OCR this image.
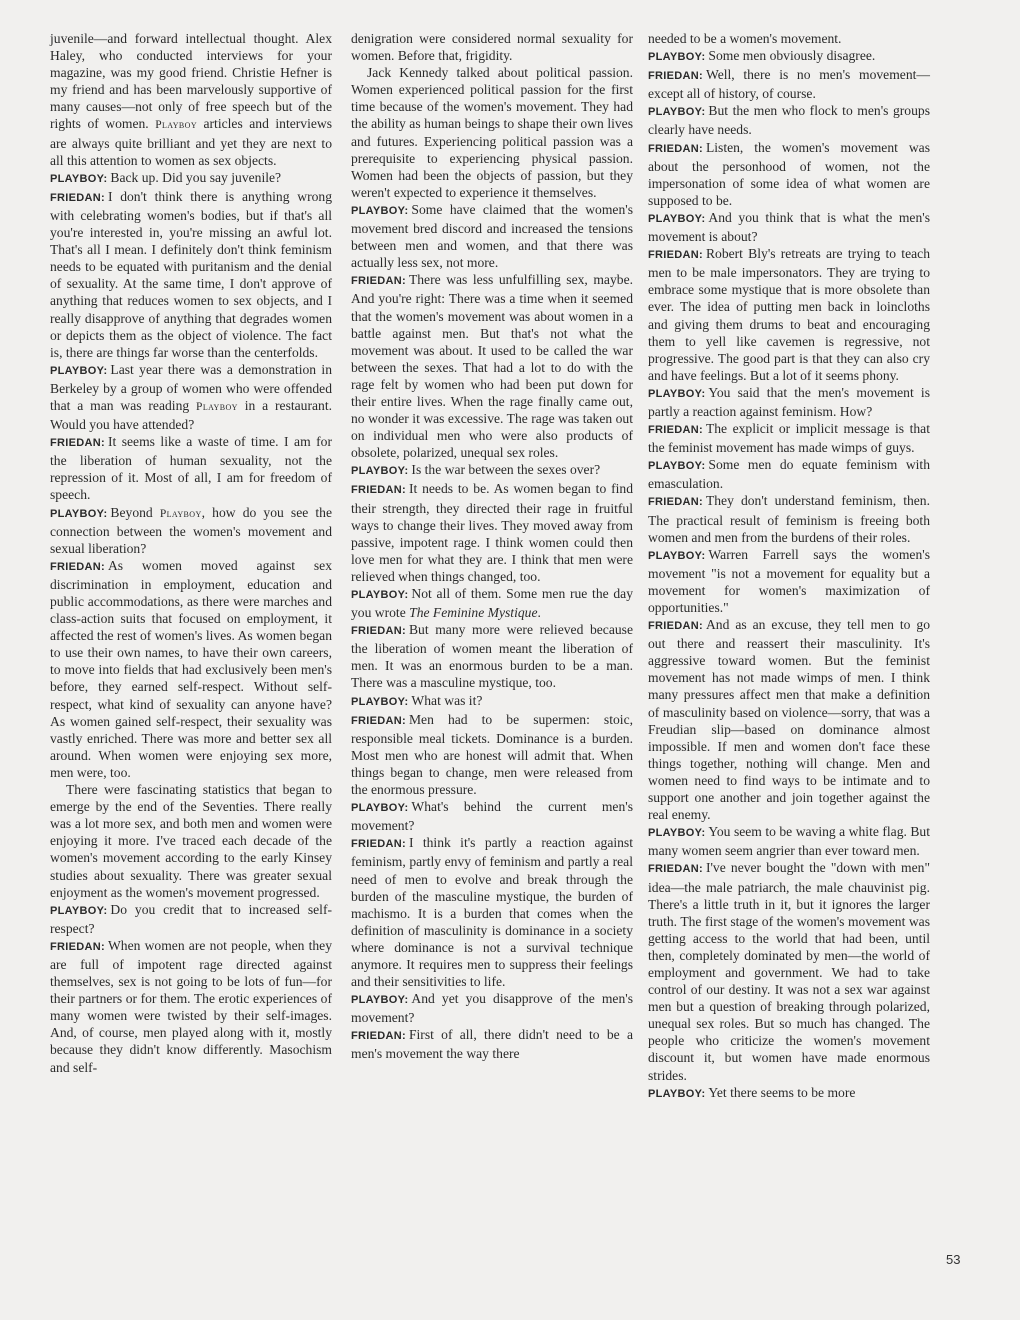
juvenile—and forward intellectual thought. Alex Haley, who conducted interviews for your magazine, was my good friend. Christie Hefner is my friend and has been marvelously supportive of many causes—not only of free speech but of the rights of women. Playboy articles and interviews are always quite brilliant and yet they are next to all this attention to women as sex objects.

PLAYBOY: Back up. Did you say juvenile?

FRIEDAN: I don't think there is anything wrong with celebrating women's bodies, but if that's all you're interested in, you're missing an awful lot. That's all I mean. I definitely don't think feminism needs to be equated with puritanism and the denial of sexuality. At the same time, I don't approve of anything that reduces women to sex objects, and I really disapprove of anything that degrades women or depicts them as the object of violence. The fact is, there are things far worse than the centerfolds.

PLAYBOY: Last year there was a demonstration in Berkeley by a group of women who were offended that a man was reading Playboy in a restaurant. Would you have attended?

FRIEDAN: It seems like a waste of time. I am for the liberation of human sexuality, not the repression of it. Most of all, I am for freedom of speech.

PLAYBOY: Beyond Playboy, how do you see the connection between the women's movement and sexual liberation?

FRIEDAN: As women moved against sex discrimination in employment, education and public accommodations, as there were marches and class-action suits that focused on employment, it affected the rest of women's lives. As women began to use their own names, to have their own careers, to move into fields that had exclusively been men's before, they earned self-respect. Without self-respect, what kind of sexuality can anyone have? As women gained self-respect, their sexuality was vastly enriched. There was more and better sex all around. When women were enjoying sex more, men were, too.

There were fascinating statistics that began to emerge by the end of the Seventies. There really was a lot more sex, and both men and women were enjoying it more. I've traced each decade of the women's movement according to the early Kinsey studies about sexuality. There was greater sexual enjoyment as the women's movement progressed.

PLAYBOY: Do you credit that to increased self-respect?

FRIEDAN: When women are not people, when they are full of impotent rage directed against themselves, sex is not going to be lots of fun—for their partners or for them. The erotic experiences of many women were twisted by their self-images. And, of course, men played along with it, mostly because they didn't know differently. Masochism and self-

denigration were considered normal sexuality for women. Before that, frigidity.

Jack Kennedy talked about political passion. Women experienced political passion for the first time because of the women's movement. They had the ability as human beings to shape their own lives and futures. Experiencing political passion was a prerequisite to experiencing physical passion. Women had been the objects of passion, but they weren't expected to experience it themselves.

PLAYBOY: Some have claimed that the women's movement bred discord and increased the tensions between men and women, and that there was actually less sex, not more.

FRIEDAN: There was less unfulfilling sex, maybe. And you're right: There was a time when it seemed that the women's movement was about women in a battle against men. But that's not what the movement was about. It used to be called the war between the sexes. That had a lot to do with the rage felt by women who had been put down for their entire lives. When the rage finally came out, no wonder it was excessive. The rage was taken out on individual men who were also products of obsolete, polarized, unequal sex roles.

PLAYBOY: Is the war between the sexes over?

FRIEDAN: It needs to be. As women began to find their strength, they directed their rage in fruitful ways to change their lives. They moved away from passive, impotent rage. I think women could then love men for what they are. I think that men were relieved when things changed, too.

PLAYBOY: Not all of them. Some men rue the day you wrote The Feminine Mystique.

FRIEDAN: But many more were relieved because the liberation of women meant the liberation of men. It was an enormous burden to be a man. There was a masculine mystique, too.

PLAYBOY: What was it?

FRIEDAN: Men had to be supermen: stoic, responsible meal tickets. Dominance is a burden. Most men who are honest will admit that. When things began to change, men were released from the enormous pressure.

PLAYBOY: What's behind the current men's movement?

FRIEDAN: I think it's partly a reaction against feminism, partly envy of feminism and partly a real need of men to evolve and break through the burden of the masculine mystique, the burden of machismo. It is a burden that comes when the definition of masculinity is dominance in a society where dominance is not a survival technique anymore. It requires men to suppress their feelings and their sensitivities to life.

PLAYBOY: And yet you disapprove of the men's movement?

FRIEDAN: First of all, there didn't need to be a men's movement the way there

needed to be a women's movement.

PLAYBOY: Some men obviously disagree.

FRIEDAN: Well, there is no men's movement—except all of history, of course.

PLAYBOY: But the men who flock to men's groups clearly have needs.

FRIEDAN: Listen, the women's movement was about the personhood of women, not the impersonation of some idea of what women are supposed to be.

PLAYBOY: And you think that is what the men's movement is about?

FRIEDAN: Robert Bly's retreats are trying to teach men to be male impersonators. They are trying to embrace some mystique that is more obsolete than ever. The idea of putting men back in loincloths and giving them drums to beat and encouraging them to yell like cavemen is regressive, not progressive. The good part is that they can also cry and have feelings. But a lot of it seems phony.

PLAYBOY: You said that the men's movement is partly a reaction against feminism. How?

FRIEDAN: The explicit or implicit message is that the feminist movement has made wimps of guys.

PLAYBOY: Some men do equate feminism with emasculation.

FRIEDAN: They don't understand feminism, then. The practical result of feminism is freeing both women and men from the burdens of their roles.

PLAYBOY: Warren Farrell says the women's movement "is not a movement for equality but a movement for women's maximization of opportunities."

FRIEDAN: And as an excuse, they tell men to go out there and reassert their masculinity. It's aggressive toward women. But the feminist movement has not made wimps of men. I think many pressures affect men that make a definition of masculinity based on violence—sorry, that was a Freudian slip—based on dominance almost impossible. If men and women don't face these things together, nothing will change. Men and women need to find ways to be intimate and to support one another and join together against the real enemy.

PLAYBOY: You seem to be waving a white flag. But many women seem angrier than ever toward men.

FRIEDAN: I've never bought the "down with men" idea—the male patriarch, the male chauvinist pig. There's a little truth in it, but it ignores the larger truth. The first stage of the women's movement was getting access to the world that had been, until then, completely dominated by men—the world of employment and government. We had to take control of our destiny. It was not a sex war against men but a question of breaking through polarized, unequal sex roles. But so much has changed. The people who criticize the women's movement discount it, but women have made enormous strides.

PLAYBOY: Yet there seems to be more

53
